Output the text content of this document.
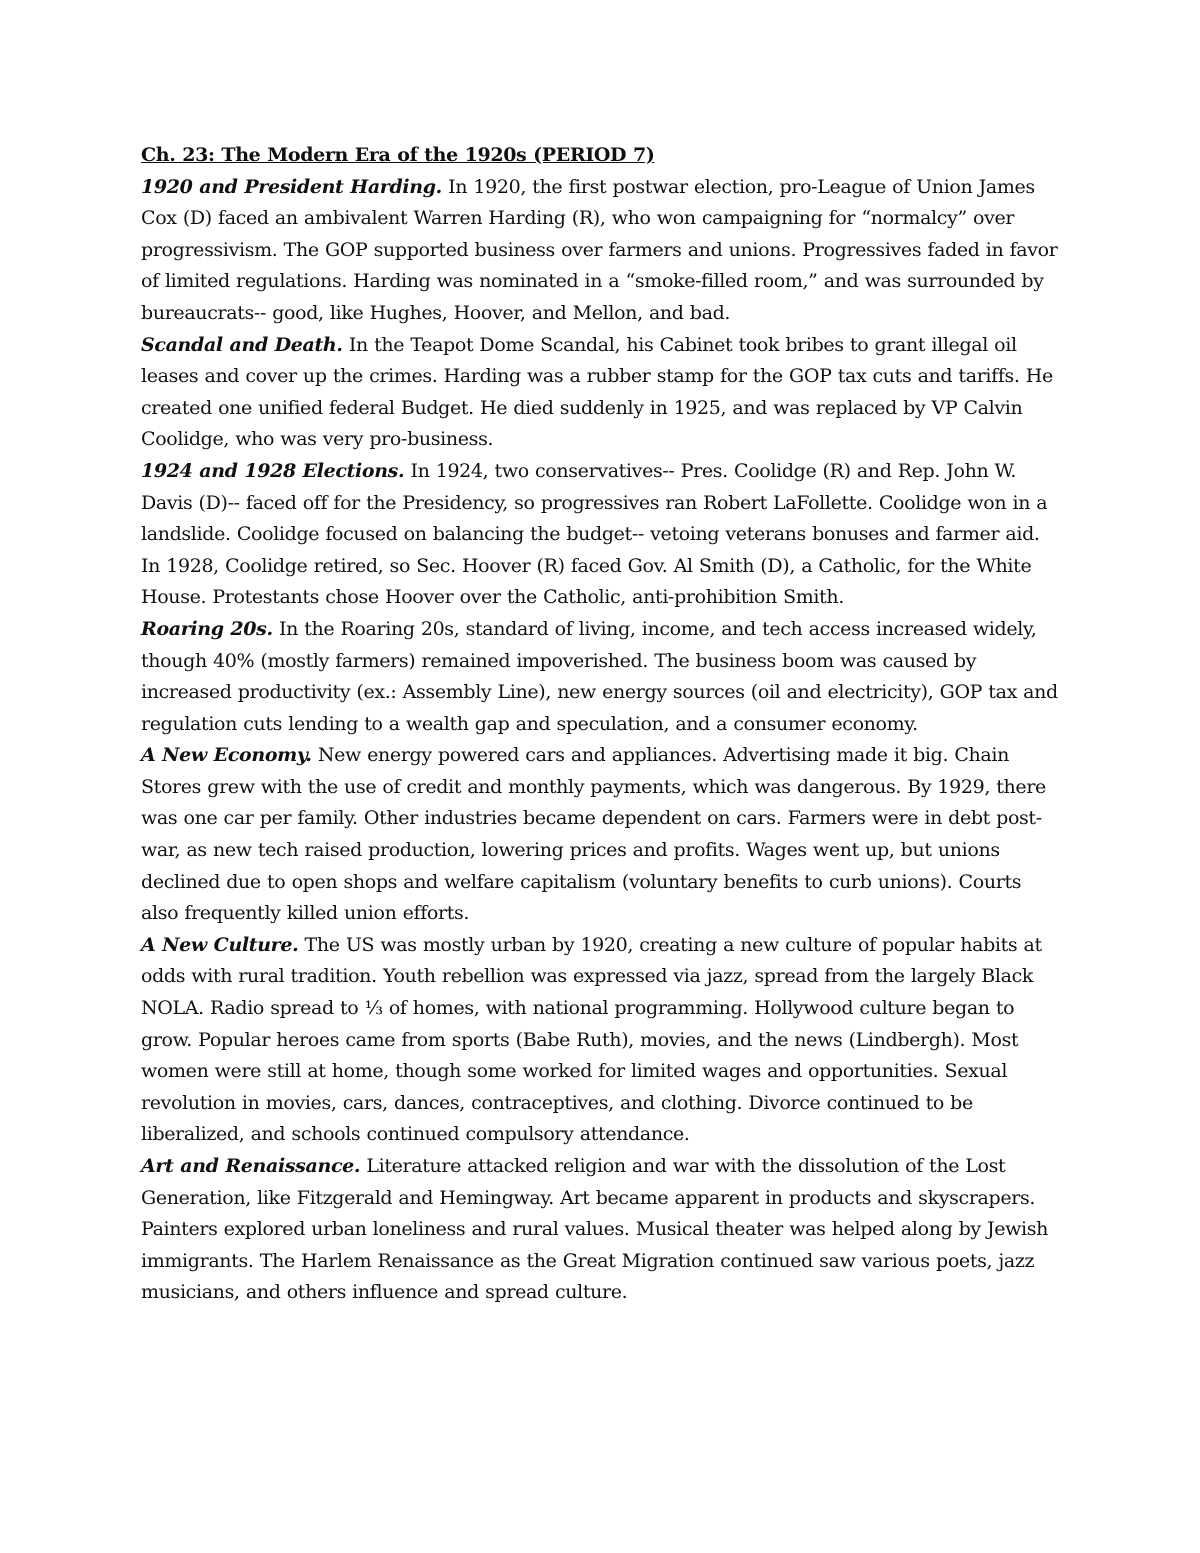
Ch. 23: The Modern Era of the 1920s (PERIOD 7)

1920 and President Harding. In 1920, the first postwar election, pro-League of Union James Cox (D) faced an ambivalent Warren Harding (R), who won campaigning for “normalcy” over progressivism. The GOP supported business over farmers and unions. Progressives faded in favor of limited regulations. Harding was nominated in a “smoke-filled room,” and was surrounded by bureaucrats-- good, like Hughes, Hoover, and Mellon, and bad.

Scandal and Death. In the Teapot Dome Scandal, his Cabinet took bribes to grant illegal oil leases and cover up the crimes. Harding was a rubber stamp for the GOP tax cuts and tariffs. He created one unified federal Budget. He died suddenly in 1925, and was replaced by VP Calvin Coolidge, who was very pro-business.

1924 and 1928 Elections. In 1924, two conservatives-- Pres. Coolidge (R) and Rep. John W. Davis (D)-- faced off for the Presidency, so progressives ran Robert LaFollette. Coolidge won in a landslide. Coolidge focused on balancing the budget-- vetoing veterans bonuses and farmer aid. In 1928, Coolidge retired, so Sec. Hoover (R) faced Gov. Al Smith (D), a Catholic, for the White House. Protestants chose Hoover over the Catholic, anti-prohibition Smith.

Roaring 20s. In the Roaring 20s, standard of living, income, and tech access increased widely, though 40% (mostly farmers) remained impoverished. The business boom was caused by increased productivity (ex.: Assembly Line), new energy sources (oil and electricity), GOP tax and regulation cuts lending to a wealth gap and speculation, and a consumer economy.

A New Economy. New energy powered cars and appliances. Advertising made it big. Chain Stores grew with the use of credit and monthly payments, which was dangerous. By 1929, there was one car per family. Other industries became dependent on cars. Farmers were in debt post-war, as new tech raised production, lowering prices and profits. Wages went up, but unions declined due to open shops and welfare capitalism (voluntary benefits to curb unions). Courts also frequently killed union efforts.

A New Culture. The US was mostly urban by 1920, creating a new culture of popular habits at odds with rural tradition. Youth rebellion was expressed via jazz, spread from the largely Black NOLA. Radio spread to ⅓ of homes, with national programming. Hollywood culture began to grow. Popular heroes came from sports (Babe Ruth), movies, and the news (Lindbergh). Most women were still at home, though some worked for limited wages and opportunities. Sexual revolution in movies, cars, dances, contraceptives, and clothing. Divorce continued to be liberalized, and schools continued compulsory attendance.

Art and Renaissance. Literature attacked religion and war with the dissolution of the Lost Generation, like Fitzgerald and Hemingway. Art became apparent in products and skyscrapers. Painters explored urban loneliness and rural values. Musical theater was helped along by Jewish immigrants. The Harlem Renaissance as the Great Migration continued saw various poets, jazz musicians, and others influence and spread culture.
